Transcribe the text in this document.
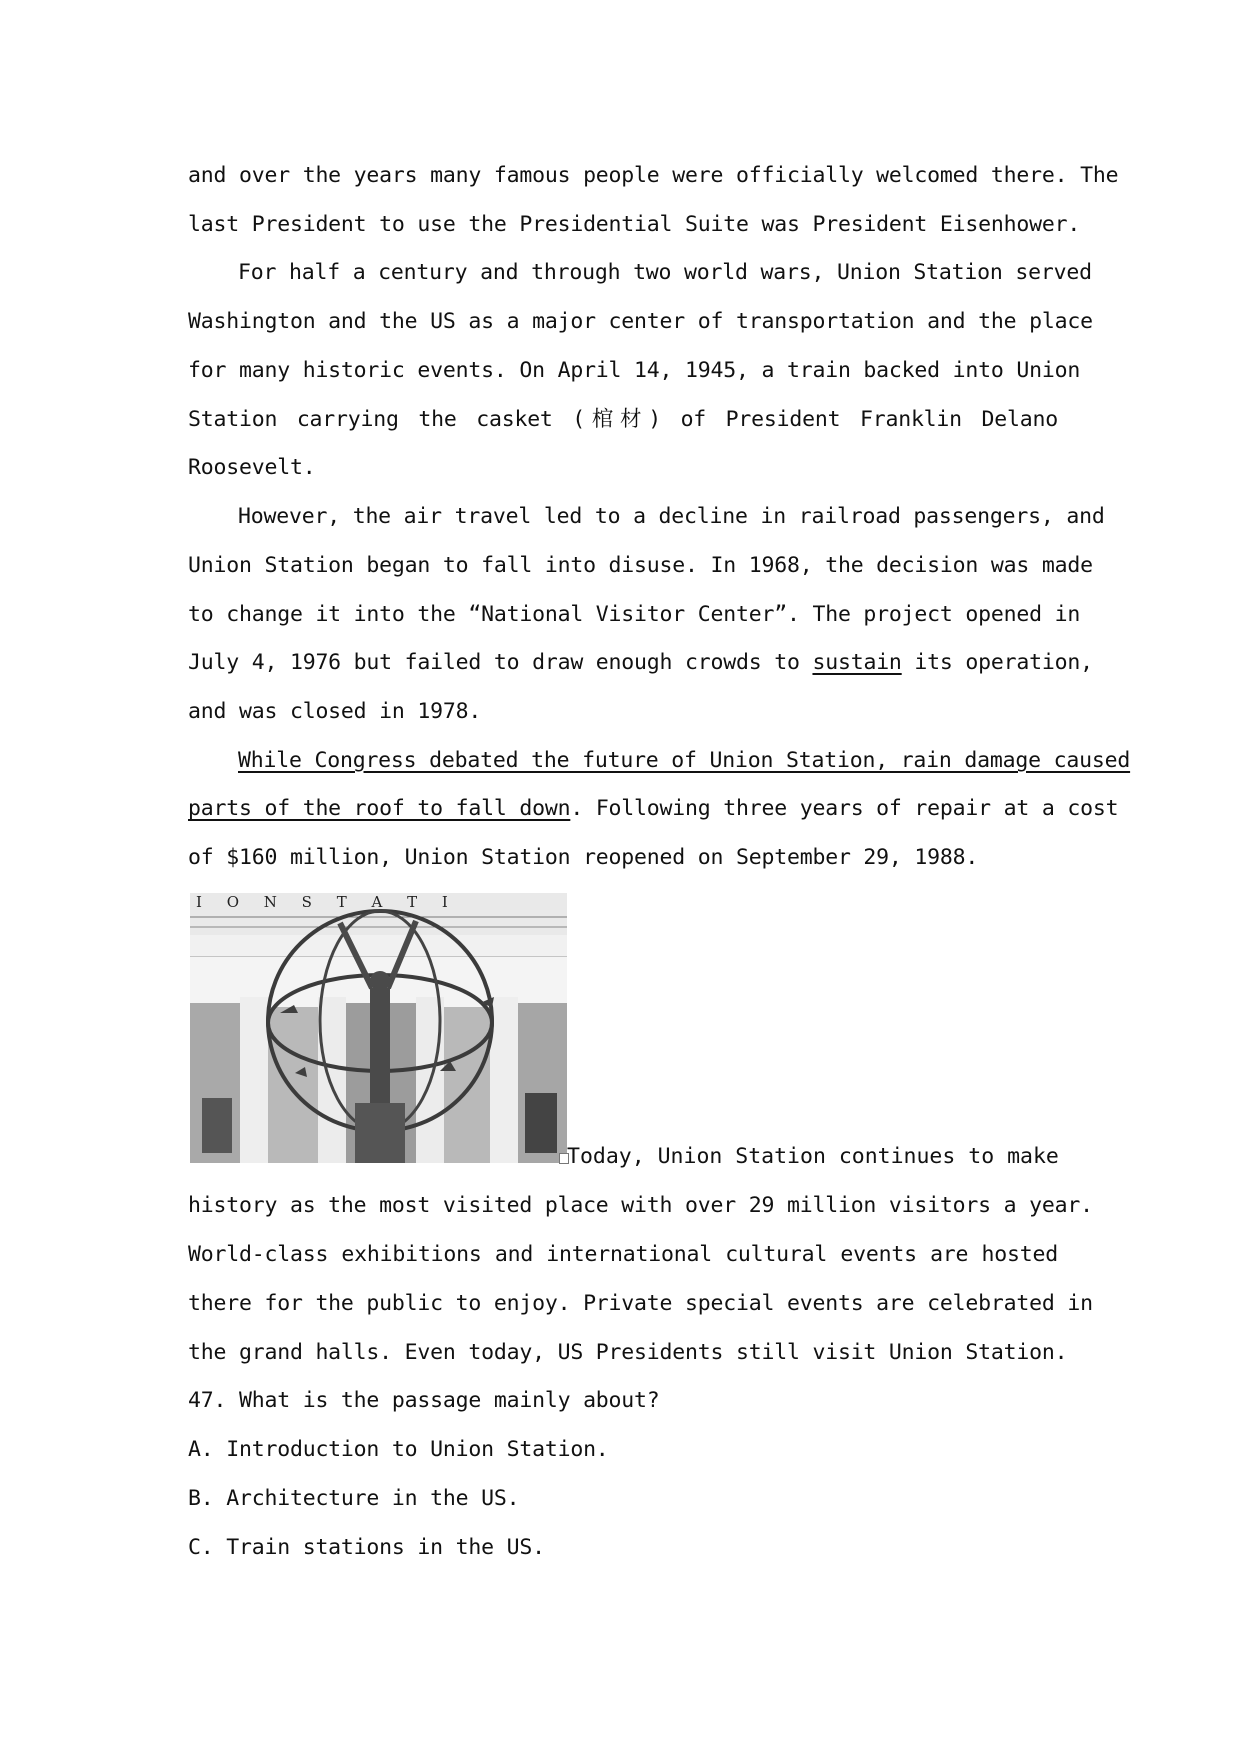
and over the years many famous people were officially welcomed there. The
last President to use the Presidential Suite was President Eisenhower.
For half a century and through two world wars, Union Station served
Washington and the US as a major center of transportation and the place
for many historic events. On April 14, 1945, a train backed into Union
Station carrying the casket (棺材) of President Franklin Delano
Roosevelt.
However, the air travel led to a decline in railroad passengers, and
Union Station began to fall into disuse. In 1968, the decision was made
to change it into the “National Visitor Center”. The project opened in
July 4, 1976 but failed to draw enough crowds to sustain its operation,
and was closed in 1978.
While Congress debated the future of Union Station, rain damage caused
parts of the roof to fall down. Following three years of repair at a cost
of $160 million, Union Station reopened on September 29, 1988.
I O N S T A T I
Today, Union Station continues to make
history as the most visited place with over 29 million visitors a year.
World-class exhibitions and international cultural events are hosted
there for the public to enjoy. Private special events are celebrated in
the grand halls. Even today, US Presidents still visit Union Station.
47. What is the passage mainly about?
A. Introduction to Union Station.
B. Architecture in the US.
C. Train stations in the US.
